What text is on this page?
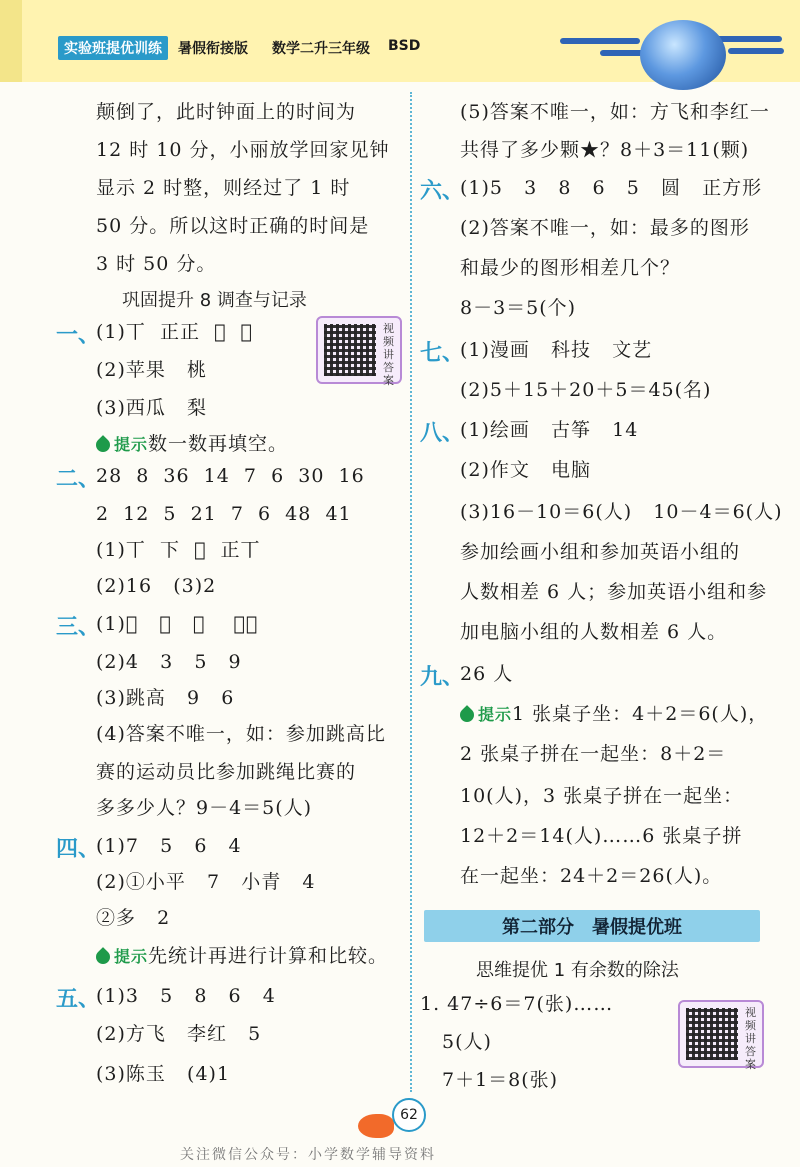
实验班提优训练	暑假衔接版 数学二升三年级 BSD
颠倒了，此时钟面上的时间为
12 时 10 分，小丽放学回家见钟
显示 2 时整，则经过了 1 时
50 分。所以这时正确的时间是
3 时 50 分。
巩固提升 8 调查与记录
一、
(1)丅  正正  𠄠  𠄠
(2)苹果   桃
(3)西瓜   梨
提示数一数再填空。
视频讲答案
二、
28  8  36  14  7  6  30  16
2  12  5  21  7  6  48  41
(1)丅  下  𠄠  正丅
(2)16   (3)2
三、
(1)𠄠   下   正    正𠄠
(2)4   3   5   9
(3)跳高   9   6
(4)答案不唯一，如：参加跳高比
赛的运动员比参加跳绳比赛的
多多少人？9－4＝5(人)
四、
(1)7   5   6   4
(2)①小平   7   小青   4
②多   2
提示先统计再进行计算和比较。
五、
(1)3   5   8   6   4
(2)方飞   李红   5
(3)陈玉   (4)1
(5)答案不唯一，如：方飞和李红一
共得了多少颗★？8＋3＝11(颗)
六、
(1)5   3   8   6   5   圆   正方形
(2)答案不唯一，如：最多的图形
和最少的图形相差几个？
8－3＝5(个)
七、
(1)漫画   科技   文艺
(2)5＋15＋20＋5＝45(名)
八、
(1)绘画   古筝   14
(2)作文   电脑
(3)16－10＝6(人)   10－4＝6(人)
参加绘画小组和参加英语小组的
人数相差 6 人；参加英语小组和参
加电脑小组的人数相差 6 人。
九、
26 人
提示1 张桌子坐：4＋2＝6(人)，
2 张桌子拼在一起坐：8＋2＝
10(人)，3 张桌子拼在一起坐：
12＋2＝14(人)……6 张桌子拼
在一起坐：24＋2＝26(人)。
第二部分 暑假提优班
思维提优 1 有余数的除法
1. 47÷6＝7(张)……
5(人)
7＋1＝8(张)
视频讲答案
62
关注微信公众号：小学数学辅导资料
